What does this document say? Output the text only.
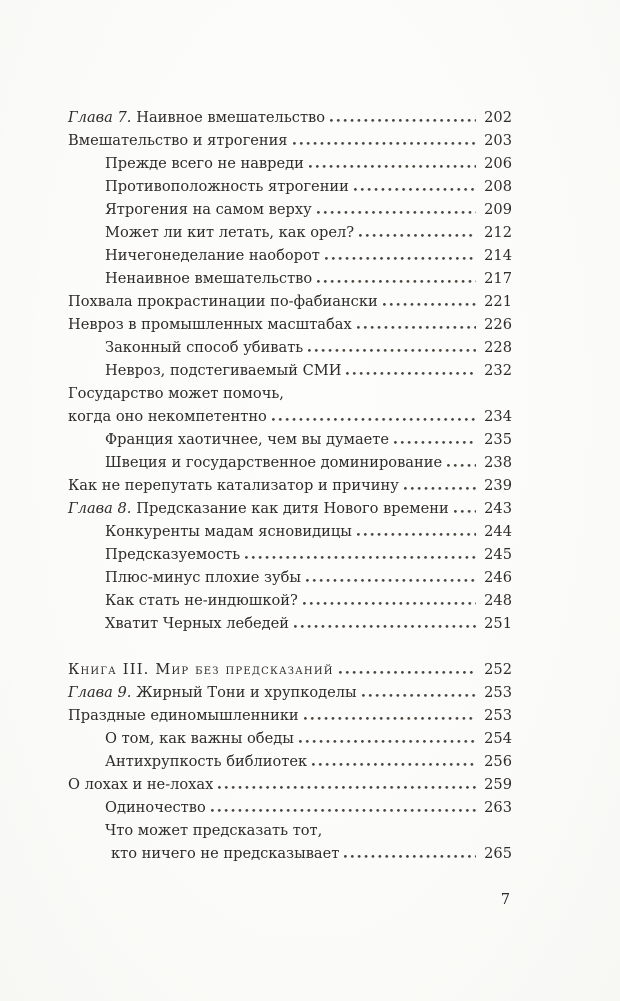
Глава 7. Наивное вмешательство	202
Вмешательство и ятрогения	203
Прежде всего не навреди	206
Противоположность ятрогении	208
Ятрогения на самом верху	209
Может ли кит летать, как орел?	212
Ничегонеделание наоборот	214
Ненаивное вмешательство	217
Похвала прокрастинации по-фабиански	221
Невроз в промышленных масштабах	226
Законный способ убивать	228
Невроз, подстегиваемый СМИ	232
Государство может помочь,
когда оно некомпетентно	234
Франция хаотичнее, чем вы думаете	235
Швеция и государственное доминирование	238
Как не перепутать катализатор и причину	239
Глава 8. Предсказание как дитя Нового времени 243
Конкуренты мадам ясновидицы	244
Предсказуемость	245
Плюс-минус плохие зубы	246
Как стать не-индюшкой?	248
Хватит Черных лебедей	251
Книга III. Мир без предсказаний	252
Глава 9. Жирный Тони и хрупкоделы	253
Праздные единомышленники	253
О том, как важны обеды	254
Антихрупкость библиотек	256
О лохах и не-лохах	259
Одиночество	263
Что может предсказать тот,
кто ничего не предсказывает	265
7
